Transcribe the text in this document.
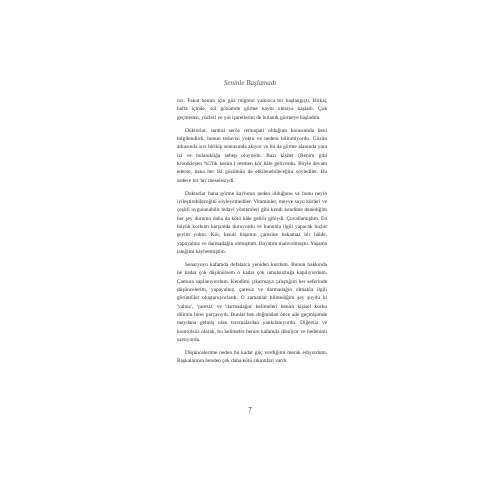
Seninle Başlamadı

nız. Fakat benim için göz migreni yalnızca bir başlangıçtı. Birkaç hafta içinde, sol gözümde görme kaybı olmaya başladı. Çok geçmeden, yüzleri ve yol işaretlerini de bulanık görmeye başladım.

Doktorlar, santral seröz retinopati olduğum konusunda beni bilgilendirdi, bunun tedavisi yoktu ve nedeni bilinmiyordu. Gözün arkasında sıvı birikip sonrasında akıyor ve bu da görme alanında yara izi ve bulanıklığa sebep oluyordu. Bazı kişiler (Benim gibi kronikleşen %5'lik kesim.) resmen kör hâle geliyordu. Böyle devam ederse, bana her iki gözümün de etkilenebileceğini söylediler. Bu sadece bir 'an' meselesiydi.

Doktorlar bana görme kaybının neden olduğunu ve bunu neyin iyileştirebileceğini söyleyemediler. Vitaminler, meyve suyu kürleri ve çeşitli uygulanabilir tedavi yöntemleri gibi kendi kendime denediğim her şey durumu daha da kötü hâle getirir gibiydi. Çuvallamıştım. En büyük korkum karşımda duruyordu ve bununla ilgili yapacak hiçbir şeyim yoktu. Kör, kendi başımın çaresine bakamaz bir hâlde, yapayalnız ve darmadağın olmuştum. Hayatım mahvolmuştu. Yaşama isteğimi kaybetmiştim.

Senaryoyu kafamda defalarca yeniden kurdum. Bunun hakkında ne kadar çok düşünürsem o kadar çok umutsuzluğa kapılıyordum. Çamura saplanıyordum. Kendimi çıkarmaya çalıştığım her seferinde düşüncelerim, yapayalnız, çaresiz ve darmadağın olmakla ilgili görüntüler oluşturuyorlardı. O zamanlar bilmediğim şey şuydu ki 'yalnız', 'çaresiz' ve 'darmadağın' kelimeleri benim kişisel korku dilimin birer parçasıydı. Bunlar ben doğmadan önce aile geçmişimde meydana gelmiş olan travmalardan yankılanıyordu. Diğersiz ve kontrolsüz olarak, bu kelimeler benim kafamda dönüyor ve bedenimi sarsıyordu.

Düşüncelerime neden bu kadar güç verdiğimi merak ediyordum. Başkalarının benden çok daha kötü sıkıntıları vardı

7
